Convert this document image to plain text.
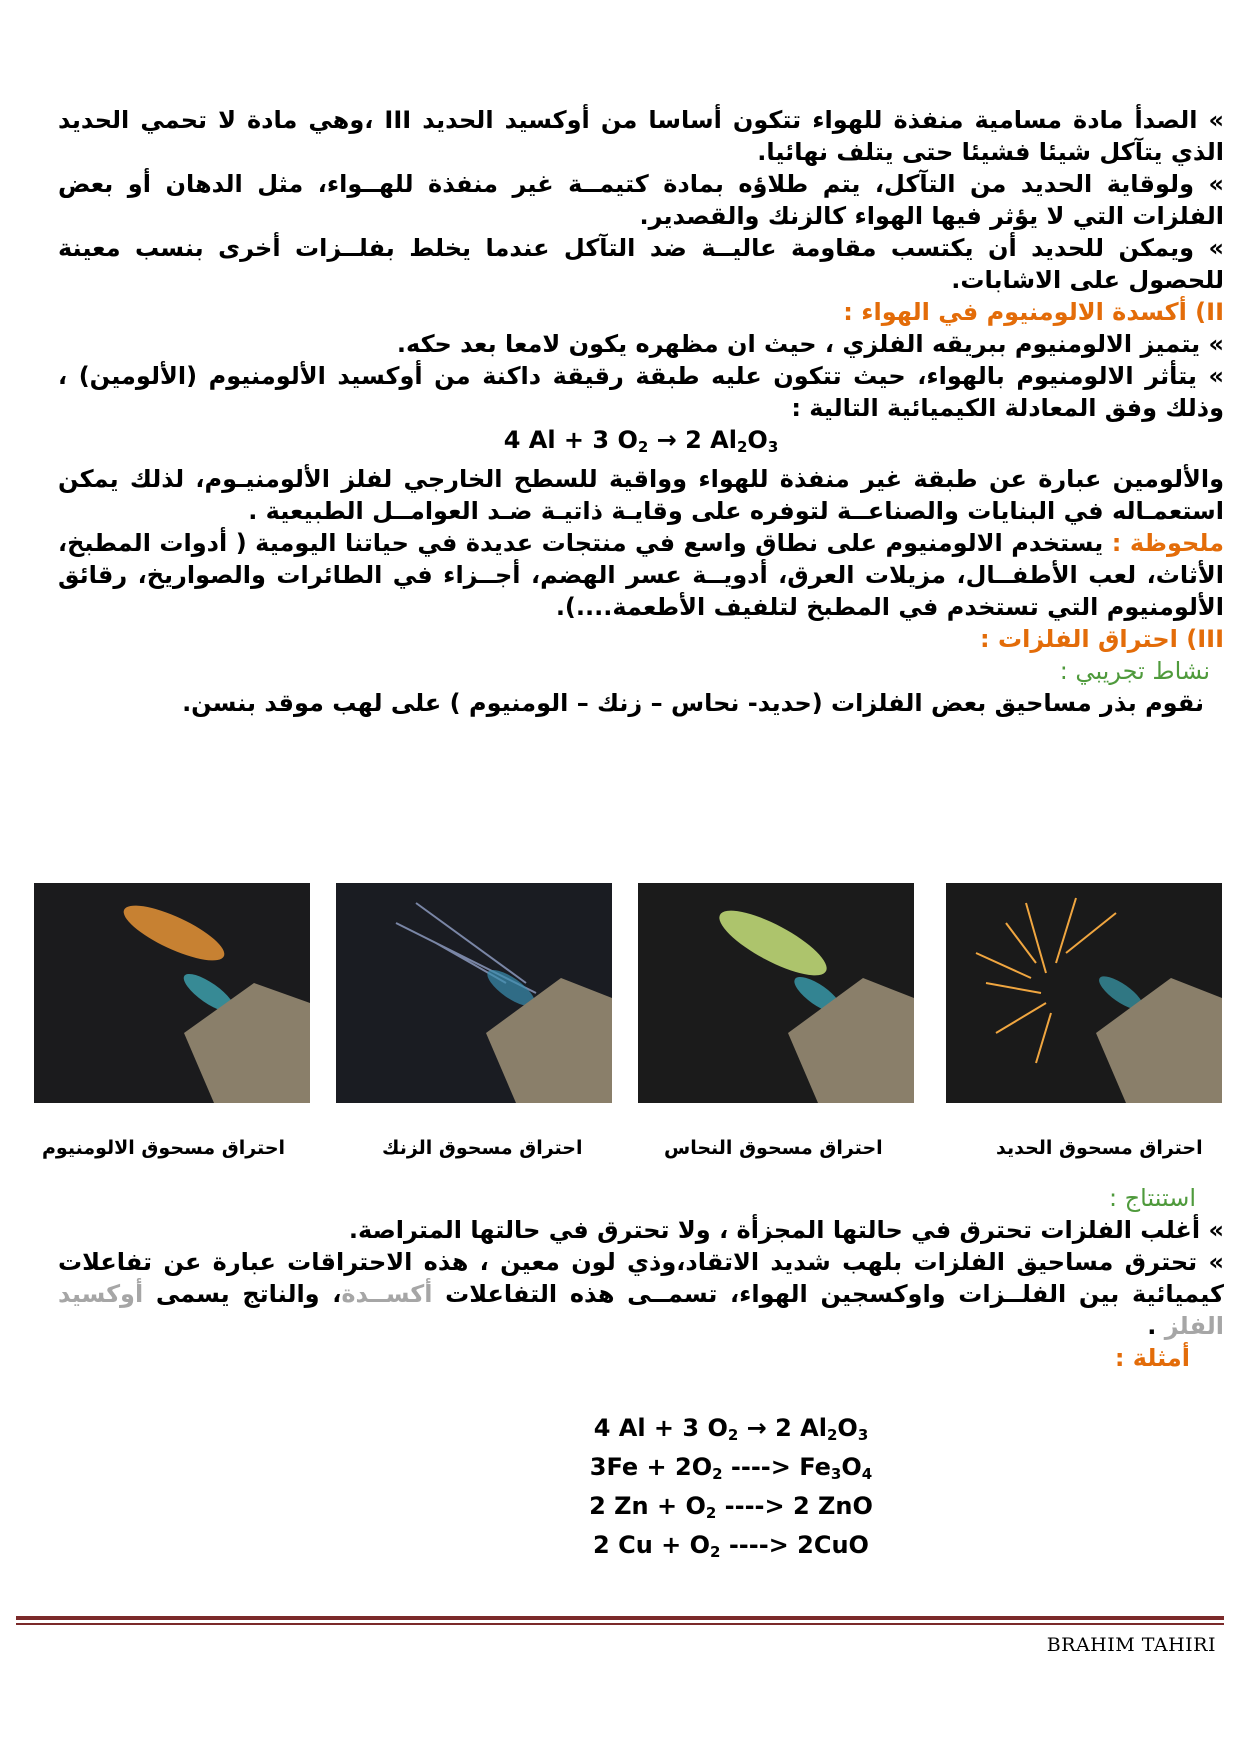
» الصدأ مادة مسامية منفذة للهواء تتكون أساسا من أوكسيد الحديد III ،وهي مادة لا تحمي الحديد الذي يتآكل شيئا فشيئا حتى يتلف نهائيا.

» ولوقاية الحديد من التآكل، يتم طلاؤه بمادة كتيمــة غير منفذة للهــواء، مثل الدهان أو بعض الفلزات التي لا يؤثر فيها الهواء كالزنك والقصدير.

» ويمكن للحديد أن يكتسب مقاومة عاليــة ضد التآكل عندما يخلط بفلــزات أخرى بنسب معينة للحصول على الاشابات.

II) أكسدة الالومنيوم في الهواء :

» يتميز الالومنيوم ببريقه الفلزي ، حيث ان مظهره يكون لامعا بعد حكه.

» يتأثر الالومنيوم بالهواء، حيث تتكون عليه طبقة رقيقة داكنة من أوكسيد الألومنيوم (الألومين) ، وذلك وفق المعادلة الكيميائية التالية :

4 Al + 3 $O_2 \to 2$ $Al_2O_3$

والألومين عبارة عن طبقة غير منفذة للهواء وواقية للسطح الخارجي لفلز الألومنيـوم، لذلك يمكن استعمـاله في البنايات والصناعــة لتوفره على وقايـة ذاتيـة ضـد العوامــل الطبيعية .

ملحوظة : يستخدم الالومنيوم على نطاق واسع في منتجات عديدة في حياتنا اليومية ( أدوات المطبخ، الأثاث، لعب الأطفــال، مزيلات العرق، أدويــة عسر الهضم، أجــزاء في الطائرات والصواريخ، رقائق الألومنيوم التي تستخدم في المطبخ لتلفيف الأطعمة....).

III) احتراق الفلزات :

نشاط تجريبي :

نقوم بذر مساحيق بعض الفلزات (حديد- نحاس – زنك – الومنيوم ) على لهب موقد بنسن.

احتراق مسحوق الحديد
احتراق مسحوق النحاس
احتراق مسحوق الزنك
احتراق مسحوق الالومنيوم

استنتاج :

» أغلب الفلزات تحترق في حالتها المجزأة ، ولا تحترق في حالتها المتراصة.

» تحترق مساحيق الفلزات بلهب شديد الاتقاد،وذي لون معين ، هذه الاحتراقات عبارة عن تفاعلات كيميائية بين الفلــزات واوكسجين الهواء، تسمــى هذه التفاعلات أكســدة، والناتج يسمى أوكسيد الفلز .

أمثلة :

4 Al + 3 $O_2 \to 2$ $Al_2O_3$
$3Fe + 2O_2$ ----> $Fe_3O_4$
2 $Zn + O_2$ ----> 2 ZnO
2 $Cu + O_2$ ----> 2CuO
BRAHIM TAHIRI
